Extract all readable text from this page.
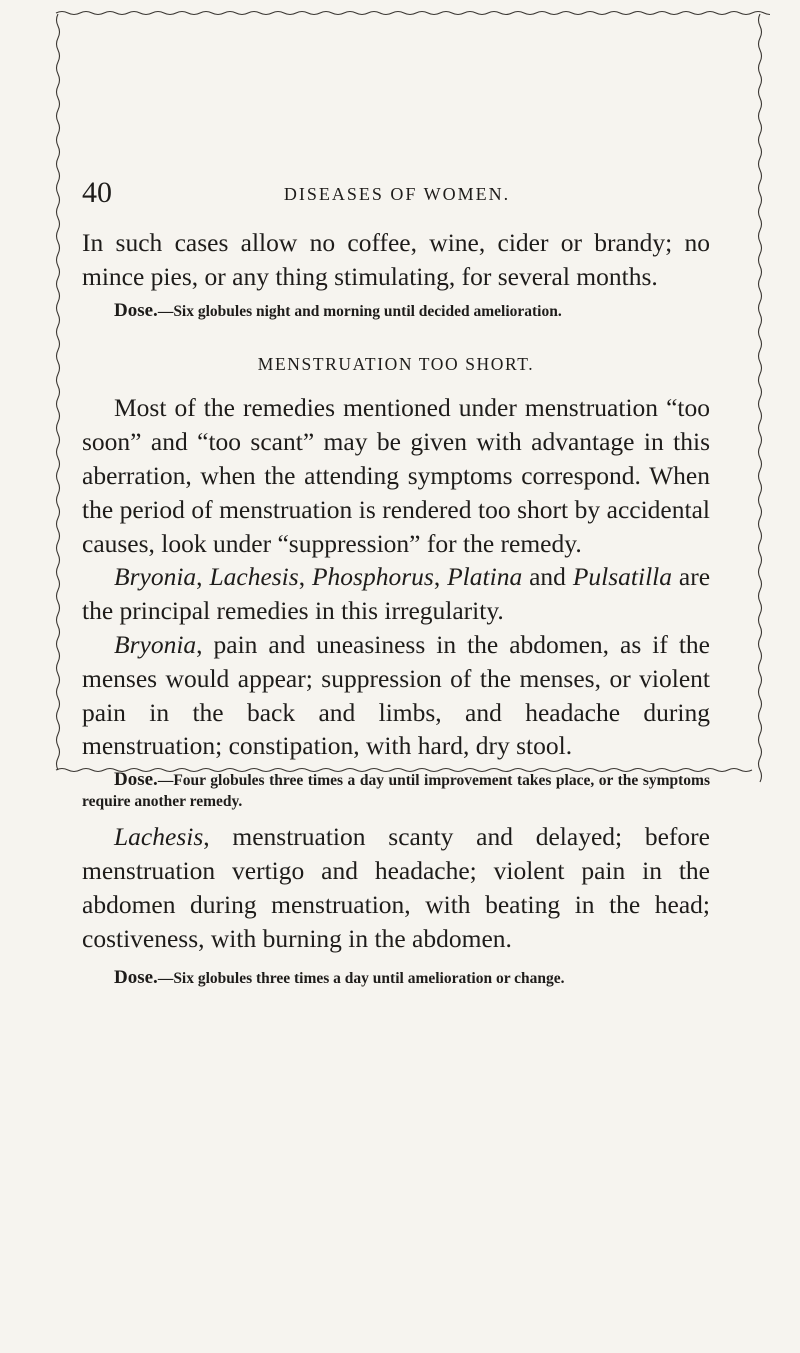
40	DISEASES OF WOMEN.

In such cases allow no coffee, wine, cider or brandy; no mince pies, or any thing stimulating, for several months.

Dose.—Six globules night and morning until decided amelioration.

MENSTRUATION TOO SHORT.

Most of the remedies mentioned under menstruation “too soon” and “too scant” may be given with advantage in this aberration, when the attending symptoms correspond. When the period of menstruation is rendered too short by accidental causes, look under “suppression” for the remedy.

Bryonia, Lachesis, Phosphorus, Platina and Pulsatilla are the principal remedies in this irregularity.

Bryonia, pain and uneasiness in the abdomen, as if the menses would appear; suppression of the menses, or violent pain in the back and limbs, and headache during menstruation; constipation, with hard, dry stool.

Dose.—Four globules three times a day until improvement takes place, or the symptoms require another remedy.

Lachesis, menstruation scanty and delayed; before menstruation vertigo and headache; violent pain in the abdomen during menstruation, with beating in the head; costiveness, with burning in the abdomen.

Dose.—Six globules three times a day until amelioration or change.
